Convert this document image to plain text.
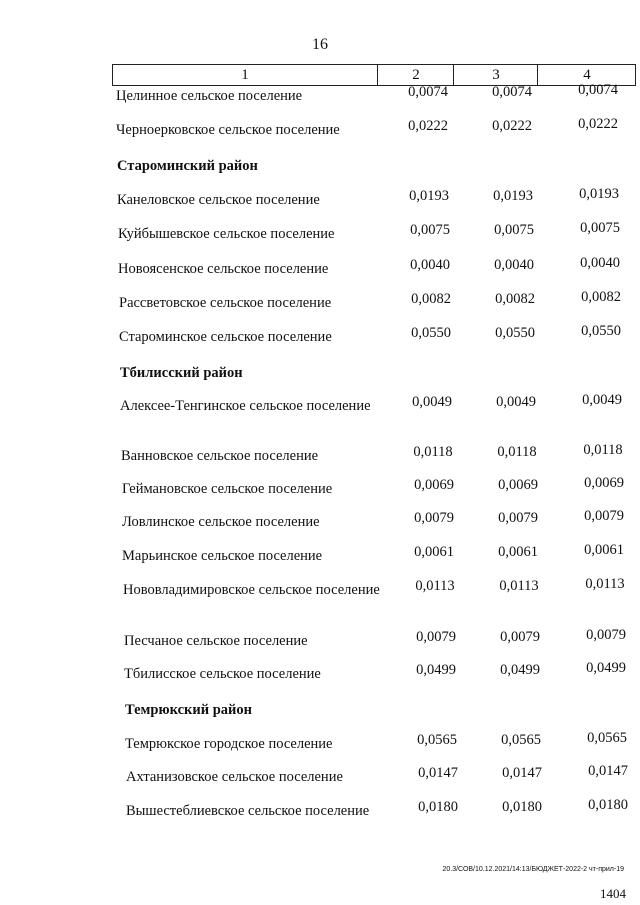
16
1	2	3	4
Целинное сельское поселение	0,0074	0,0074	0,0074
Черноерковское сельское поселение	0,0222	0,0222	0,0222
Староминский район
Канеловское сельское поселение	0,0193	0,0193	0,0193
Куйбышевское сельское поселение	0,0075	0,0075	0,0075
Новоясенское сельское поселение	0,0040	0,0040	0,0040
Рассветовское сельское поселение	0,0082	0,0082	0,0082
Староминское сельское поселение	0,0550	0,0550	0,0550
Тбилисский район
Алексее-Тенгинское сельское поселение	0,0049	0,0049	0,0049
Ванновское сельское поселение	0,0118	0,0118	0,0118
Геймановское сельское поселение	0,0069	0,0069	0,0069
Ловлинское сельское поселение	0,0079	0,0079	0,0079
Марьинское сельское поселение	0,0061	0,0061	0,0061
Нововладимировское сельское поселение	0,0113	0,0113	0,0113
Песчаное сельское поселение	0,0079	0,0079	0,0079
Тбилисское сельское поселение	0,0499	0,0499	0,0499
Темрюкский район
Темрюкское городское поселение	0,0565	0,0565	0,0565
Ахтанизовское сельское поселение	0,0147	0,0147	0,0147
Вышестеблиевское сельское поселение	0,0180	0,0180	0,0180
20.3/СОВ/10.12.2021/14:13/БЮДЖЕТ-2022-2 чт-прил-19
1404
